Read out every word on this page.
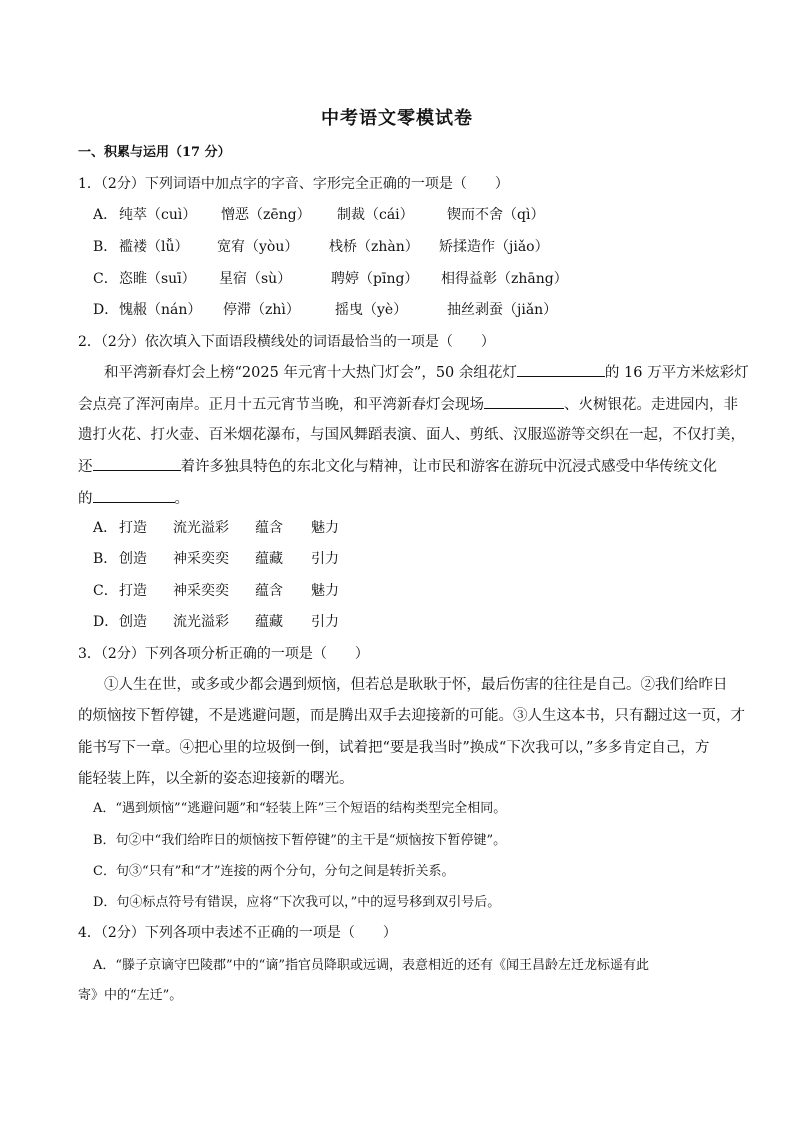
中考语文零模试卷
一、积累与运用（17 分）
1．（2分）下列词语中加点字的字音、字形完全正确的一项是（　　）
A． 纯萃（cuì） 憎恶（zēng） 制裁（cái） 锲而不舍（qì）
B． 褴褛（lǚ） 宽宥（yòu） 栈桥（zhàn） 矫揉造作（jiǎo）
C．恣睢（suī） 星宿（sù）	聘婷（pīng） 相得益彰（zhāng）
D．愧赧（nán） 停滞（zhì）	摇曳（yè）	抽丝剥蚕（jiǎn）
2．（2分）依次填入下面语段横线处的词语最恰当的一项是（　　）
和平湾新春灯会上榜“2025 年元宵十大热门灯会”，50 余组花灯	的 16 万平方米炫彩灯
会点亮了浑河南岸。正月十五元宵节当晚，和平湾新春灯会现场	、火树银花。走进园内，非
遗打火花、打火壶、百米烟花瀑布，与国风舞蹈表演、面人、剪纸、汉服巡游等交织在一起，不仅打美，
还	着许多独具特色的东北文化与精神，让市民和游客在游玩中沉浸式感受中华传统文化
的	。
A． 打造 流光溢彩 蕴含 魅力
B． 创造 神采奕奕 蕴藏 引力
C．打造 神采奕奕 蕴含 魅力
D．创造 流光溢彩 蕴藏 引力
3．（2分）下列各项分析正确的一项是（　　）
①人生在世，或多或少都会遇到烦恼，但若总是耿耿于怀，最后伤害的往往是自己。②我们给昨日
的烦恼按下暂停键，不是逃避问题，而是腾出双手去迎接新的可能。③人生这本书，只有翻过这一页，才
能书写下一章。④把心里的垃圾倒一倒，试着把“要是我当时”换成“下次我可以，”多多肯定自己，方
能轻装上阵，以全新的姿态迎接新的曙光。
A．“遇到烦恼”“逃避问题”和“轻装上阵”三个短语的结构类型完全相同。
B．句②中“我们给昨日的烦恼按下暂停键”的主干是“烦恼按下暂停键”。
C．句③“只有”和“才”连接的两个分句，分句之间是转折关系。
D．句④标点符号有错误，应将“下次我可以，”中的逗号移到双引号后。
4．（2分）下列各项中表述不正确的一项是（　　）
A．“滕子京谪守巴陵郡”中的“谪”指官员降职或远调，表意相近的还有《闻王昌龄左迁龙标遥有此
寄》中的“左迁”。
